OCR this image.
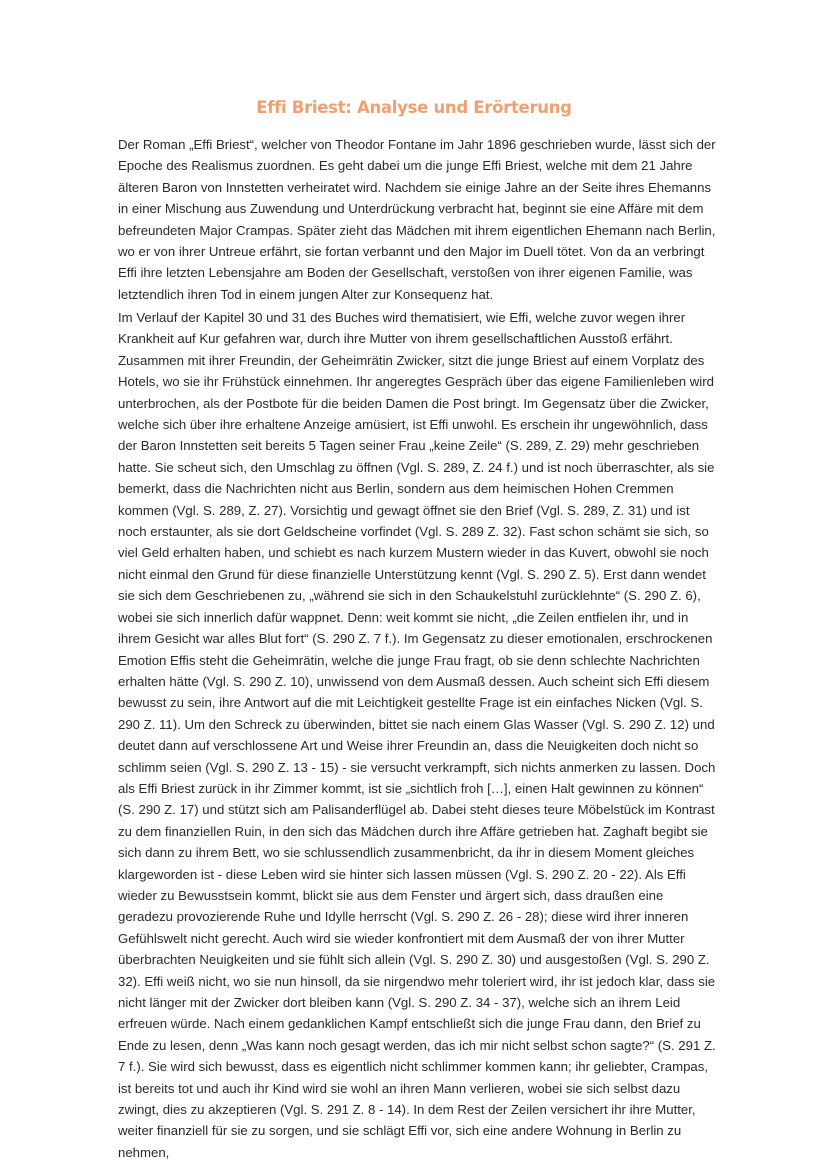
Effi Briest: Analyse und Erörterung

Der Roman „Effi Briest“, welcher von Theodor Fontane im Jahr 1896 geschrieben wurde, lässt sich der Epoche des Realismus zuordnen. Es geht dabei um die junge Effi Briest, welche mit dem 21 Jahre älteren Baron von Innstetten verheiratet wird. Nachdem sie einige Jahre an der Seite ihres Ehemanns in einer Mischung aus Zuwendung und Unterdrückung verbracht hat, beginnt sie eine Affäre mit dem befreundeten Major Crampas. Später zieht das Mädchen mit ihrem eigentlichen Ehemann nach Berlin, wo er von ihrer Untreue erfährt, sie fortan verbannt und den Major im Duell tötet. Von da an verbringt Effi ihre letzten Lebensjahre am Boden der Gesellschaft, verstoßen von ihrer eigenen Familie, was letztendlich ihren Tod in einem jungen Alter zur Konsequenz hat.

Im Verlauf der Kapitel 30 und 31 des Buches wird thematisiert, wie Effi, welche zuvor wegen ihrer Krankheit auf Kur gefahren war, durch ihre Mutter von ihrem gesellschaftlichen Ausstoß erfährt. Zusammen mit ihrer Freundin, der Geheimrätin Zwicker, sitzt die junge Briest auf einem Vorplatz des Hotels, wo sie ihr Frühstück einnehmen. Ihr angeregtes Gespräch über das eigene Familienleben wird unterbrochen, als der Postbote für die beiden Damen die Post bringt. Im Gegensatz über die Zwicker, welche sich über ihre erhaltene Anzeige amüsiert, ist Effi unwohl. Es erschein ihr ungewöhnlich, dass der Baron Innstetten seit bereits 5 Tagen seiner Frau „keine Zeile“ (S. 289, Z. 29) mehr geschrieben hatte. Sie scheut sich, den Umschlag zu öffnen (Vgl. S. 289, Z. 24 f.) und ist noch überraschter, als sie bemerkt, dass die Nachrichten nicht aus Berlin, sondern aus dem heimischen Hohen Cremmen kommen (Vgl. S. 289, Z. 27). Vorsichtig und gewagt öffnet sie den Brief (Vgl. S. 289, Z. 31) und ist noch erstaunter, als sie dort Geldscheine vorfindet (Vgl. S. 289 Z. 32). Fast schon schämt sie sich, so viel Geld erhalten haben, und schiebt es nach kurzem Mustern wieder in das Kuvert, obwohl sie noch nicht einmal den Grund für diese finanzielle Unterstützung kennt (Vgl. S. 290 Z. 5). Erst dann wendet sie sich dem Geschriebenen zu, „während sie sich in den Schaukelstuhl zurücklehnte“ (S. 290 Z. 6), wobei sie sich innerlich dafür wappnet. Denn: weit kommt sie nicht, „die Zeilen entfielen ihr, und in ihrem Gesicht war alles Blut fort“ (S. 290 Z. 7 f.). Im Gegensatz zu dieser emotionalen, erschrockenen Emotion Effis steht die Geheimrätin, welche die junge Frau fragt, ob sie denn schlechte Nachrichten erhalten hätte (Vgl. S. 290 Z. 10), unwissend von dem Ausmaß dessen. Auch scheint sich Effi diesem bewusst zu sein, ihre Antwort auf die mit Leichtigkeit gestellte Frage ist ein einfaches Nicken (Vgl. S. 290 Z. 11). Um den Schreck zu überwinden, bittet sie nach einem Glas Wasser (Vgl. S. 290 Z. 12) und deutet dann auf verschlossene Art und Weise ihrer Freundin an, dass die Neuigkeiten doch nicht so schlimm seien (Vgl. S. 290 Z. 13 - 15) - sie versucht verkrampft, sich nichts anmerken zu lassen. Doch als Effi Briest zurück in ihr Zimmer kommt, ist sie „sichtlich froh […], einen Halt gewinnen zu können“ (S. 290 Z. 17) und stützt sich am Palisanderflügel ab. Dabei steht dieses teure Möbelstück im Kontrast zu dem finanziellen Ruin, in den sich das Mädchen durch ihre Affäre getrieben hat. Zaghaft begibt sie sich dann zu ihrem Bett, wo sie schlussendlich zusammenbricht, da ihr in diesem Moment gleiches klargeworden ist - diese Leben wird sie hinter sich lassen müssen (Vgl. S. 290 Z. 20 - 22). Als Effi wieder zu Bewusstsein kommt, blickt sie aus dem Fenster und ärgert sich, dass draußen eine geradezu provozierende Ruhe und Idylle herrscht (Vgl. S. 290 Z. 26 - 28); diese wird ihrer inneren Gefühlswelt nicht gerecht. Auch wird sie wieder konfrontiert mit dem Ausmaß der von ihrer Mutter überbrachten Neuigkeiten und sie fühlt sich allein (Vgl. S. 290 Z. 30) und ausgestoßen (Vgl. S. 290 Z. 32). Effi weiß nicht, wo sie nun hinsoll, da sie nirgendwo mehr toleriert wird, ihr ist jedoch klar, dass sie nicht länger mit der Zwicker dort bleiben kann (Vgl. S. 290 Z. 34 - 37), welche sich an ihrem Leid erfreuen würde. Nach einem gedanklichen Kampf entschließt sich die junge Frau dann, den Brief zu Ende zu lesen, denn „Was kann noch gesagt werden, das ich mir nicht selbst schon sagte?“ (S. 291 Z. 7 f.). Sie wird sich bewusst, dass es eigentlich nicht schlimmer kommen kann; ihr geliebter, Crampas, ist bereits tot und auch ihr Kind wird sie wohl an ihren Mann verlieren, wobei sie sich selbst dazu zwingt, dies zu akzeptieren (Vgl. S. 291 Z. 8 - 14). In dem Rest der Zeilen versichert ihr ihre Mutter, weiter finanziell für sie zu sorgen, und sie schlägt Effi vor, sich eine andere Wohnung in Berlin zu nehmen,
